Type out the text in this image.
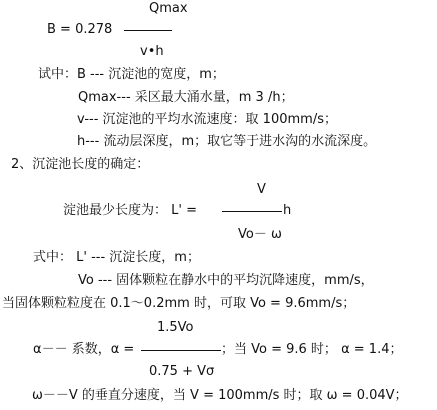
Qmax
B = 0.278
v•h
试中：B --- 沉淀池的宽度，m；
Qmax--- 采区最大涌水量，m 3 /h；
v--- 沉淀池的平均水流速度：取 100mm/s；
h--- 流动层深度，m；取它等于进水沟的水流深度。
2、沉淀池长度的确定：
V
淀池最少长度为： L' =	h
Vo－ ω
式中： L' --- 沉淀长度，m；
Vo --- 固体颗粒在静水中的平均沉降速度，mm/s，
当固体颗粒粒度在 0.1～0.2mm 时，可取 Vo = 9.6mm/s；
1.5Vo
α－－ 系数，α =	；当 Vo = 9.6 时； α = 1.4；
0.75 + Vσ
ω－－V 的垂直分速度，当 V = 100mm/s 时；取 ω = 0.04V；
